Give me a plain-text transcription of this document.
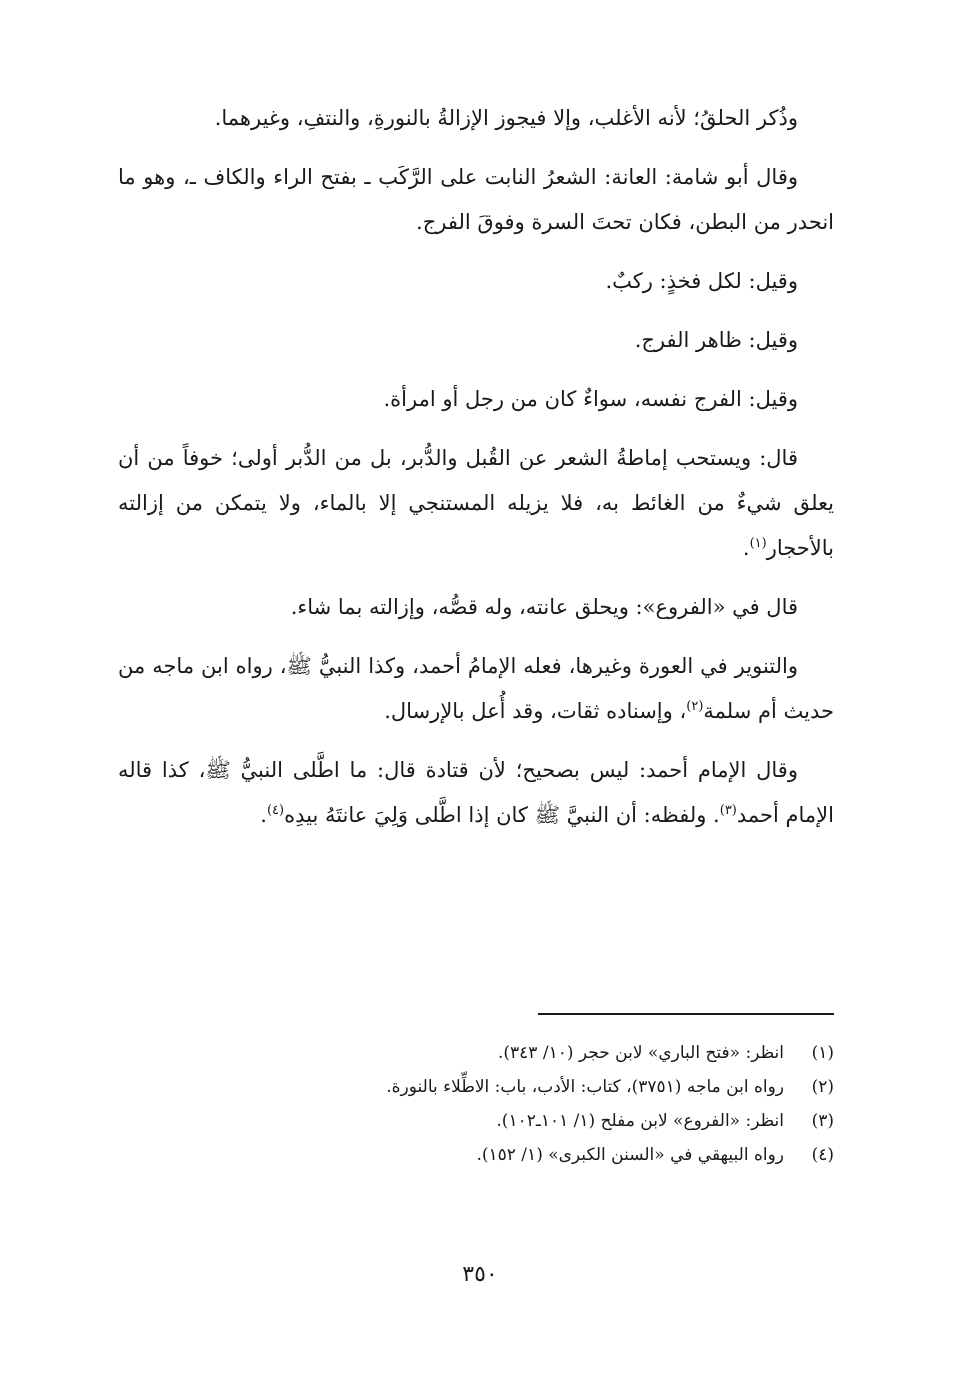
وذُكر الحلقُ؛ لأنه الأغلب، وإلا فيجوز الإزالةُ بالنورةِ، والنتفِ، وغيرهما.

وقال أبو شامة: العانة: الشعرُ النابت على الرَّكَب ـ بفتح الراء والكاف ـ، وهو ما انحدر من البطن، فكان تحتَ السرة وفوقَ الفرج.

وقيل: لكل فخذٍ: ركبٌ.

وقيل: ظاهر الفرج.

وقيل: الفرج نفسه، سواءٌ كان من رجل أو امرأة.

قال: ويستحب إماطةُ الشعر عن القُبل والدُّبر، بل من الدُّبر أولى؛ خوفاً من أن يعلق شيءٌ من الغائط به، فلا يزيله المستنجي إلا بالماء، ولا يتمكن من إزالته بالأحجار$^{(١)}$.

قال في «الفروع»: ويحلق عانته، وله قصُّه، وإزالته بما شاء.

والتنوير في العورة وغيرها، فعله الإمامُ أحمد، وكذا النبيُّ ﷺ، رواه ابن ماجه من حديث أم سلمة$^{(٢)}$، وإسناده ثقات، وقد أُعل بالإرسال.

وقال الإمام أحمد: ليس بصحيح؛ لأن قتادة قال: ما اطَّلى النبيُّ ﷺ، كذا قاله الإمام أحمد$^{(٣)}$. ولفظه: أن النبيَّ ﷺ كان إذا اطَّلى وَلِيَ عانتَهُ بيدِه$^{(٤)}$.

(١)انظر: «فتح الباري» لابن حجر (١٠/ ٣٤٣).

(٢)رواه ابن ماجه (٣٧٥١)، كتاب: الأدب، باب: الاطِّلاء بالنورة.

(٣)انظر: «الفروع» لابن مفلح (١/ ١٠١ـ١٠٢).

(٤)رواه البيهقي في «السنن الكبرى» (١/ ١٥٢).

٣٥٠
